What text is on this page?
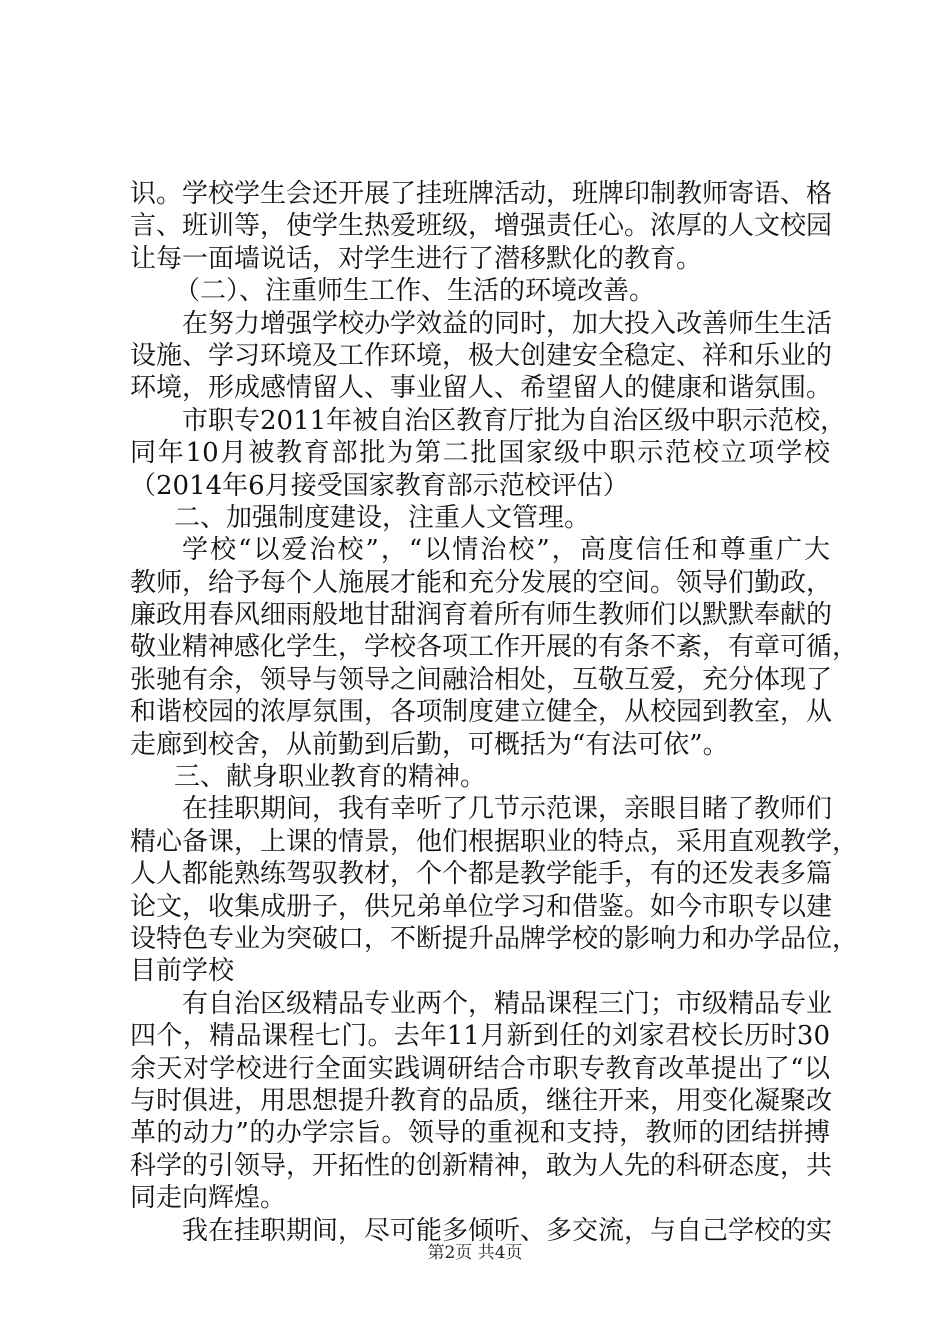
识。学校学生会还开展了挂班牌活动，班牌印制教师寄语、格
言、班训等，使学生热爱班级，增强责任心。浓厚的人文校园
让每一面墙说话，对学生进行了潜移默化的教育。
（二）、注重师生工作、生活的环境改善。
在努力增强学校办学效益的同时，加大投入改善师生生活
设施、学习环境及工作环境，极大创建安全稳定、祥和乐业的
环境，形成感情留人、事业留人、希望留人的健康和谐氛围。
市职专2011年被自治区教育厅批为自治区级中职示范校，
同年10月被教育部批为第二批国家级中职示范校立项学校
（2014年6月接受国家教育部示范校评估）
二、加强制度建设，注重人文管理。
学校“以爱治校”，“以情治校”，高度信任和尊重广大
教师，给予每个人施展才能和充分发展的空间。领导们勤政，
廉政用春风细雨般地甘甜润育着所有师生教师们以默默奉献的
敬业精神感化学生，学校各项工作开展的有条不紊，有章可循，
张驰有余，领导与领导之间融洽相处，互敬互爱，充分体现了
和谐校园的浓厚氛围，各项制度建立健全，从校园到教室，从
走廊到校舍，从前勤到后勤，可概括为“有法可依”。
三、献身职业教育的精神。
在挂职期间，我有幸听了几节示范课，亲眼目睹了教师们
精心备课，上课的情景，他们根据职业的特点，采用直观教学，
人人都能熟练驾驭教材，个个都是教学能手，有的还发表多篇
论文，收集成册子，供兄弟单位学习和借鉴。如今市职专以建
设特色专业为突破口，不断提升品牌学校的影响力和办学品位，
目前学校
有自治区级精品专业两个，精品课程三门；市级精品专业
四个，精品课程七门。去年11月新到任的刘家君校长历时30
余天对学校进行全面实践调研结合市职专教育改革提出了“以
与时俱进，用思想提升教育的品质，继往开来，用变化凝聚改
革的动力”的办学宗旨。领导的重视和支持，教师的团结拼搏
科学的引领导，开拓性的创新精神，敢为人先的科研态度，共
同走向辉煌。
我在挂职期间，尽可能多倾听、多交流，与自己学校的实
第2页 共4页
